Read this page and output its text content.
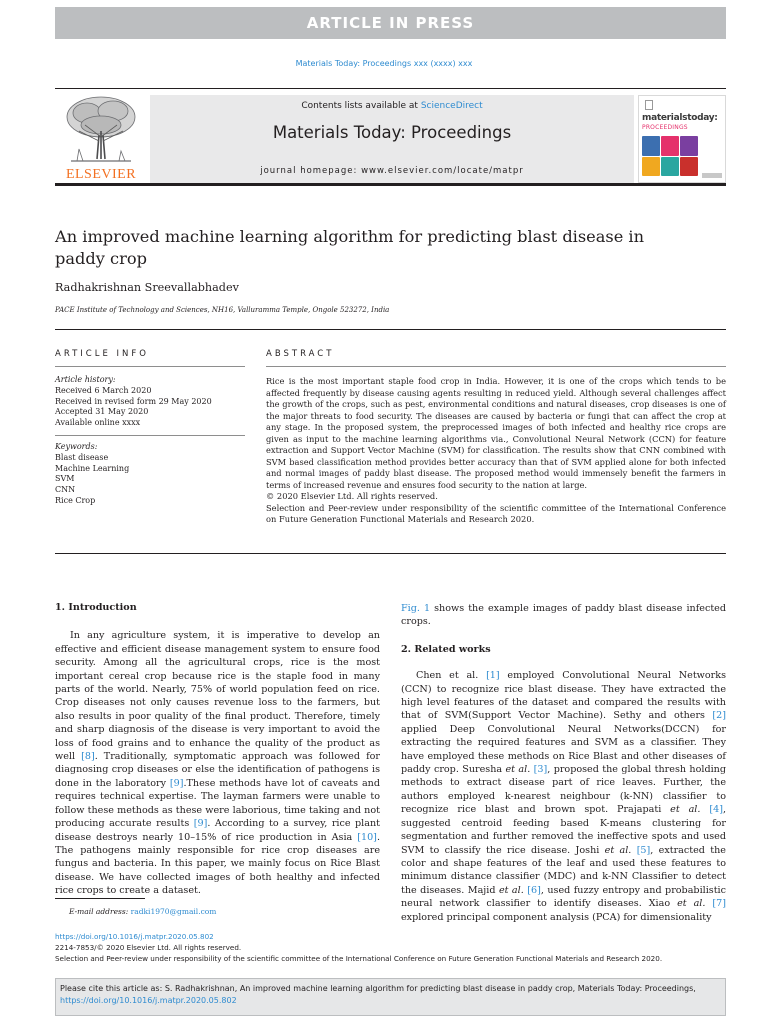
ARTICLE IN PRESS
Materials Today: Proceedings xxx (xxxx) xxx
ELSEVIER
Contents lists available at ScienceDirect
Materials Today: Proceedings
journal homepage: www.elsevier.com/locate/matpr
materialstoday:
PROCEEDINGS
An improved machine learning algorithm for predicting blast disease in paddy crop
Radhakrishnan Sreevallabhadev
PACE Institute of Technology and Sciences, NH16, Valluramma Temple, Ongole 523272, India
ARTICLE INFO
Article history:
Received 6 March 2020
Received in revised form 29 May 2020
Accepted 31 May 2020
Available online xxxx
Keywords:
Blast disease
Machine Learning
SVM
CNN
Rice Crop
ABSTRACT

Rice is the most important staple food crop in India. However, it is one of the crops which tends to be affected frequently by disease causing agents resulting in reduced yield. Although several challenges affect the growth of the crops, such as pest, environmental conditions and natural diseases, crop diseases is one of the major threats to food security. The diseases are caused by bacteria or fungi that can affect the crop at any stage. In the proposed system, the preprocessed images of both infected and healthy rice crops are given as input to the machine learning algorithms via., Convolutional Neural Network (CCN) for feature extraction and Support Vector Machine (SVM) for classification. The results show that CNN combined with SVM based classification method provides better accuracy than that of SVM applied alone for both infected and normal images of paddy blast disease. The proposed method would immensely benefit the farmers in terms of increased revenue and ensures food security to the nation at large.

© 2020 Elsevier Ltd. All rights reserved.

Selection and Peer-review under responsibility of the scientific committee of the International Conference on Future Generation Functional Materials and Research 2020.

1. Introduction

In any agriculture system, it is imperative to develop an effective and efficient disease management system to ensure food security. Among all the agricultural crops, rice is the most important cereal crop because rice is the staple food in many parts of the world. Nearly, 75% of world population feed on rice. Crop diseases not only causes revenue loss to the farmers, but also results in poor quality of the final product. Therefore, timely and sharp diagnosis of the disease is very important to avoid the loss of food grains and to enhance the quality of the product as well [8]. Traditionally, symptomatic approach was followed for diagnosing crop diseases or else the identification of pathogens is done in the laboratory [9].These methods have lot of caveats and requires technical expertise. The layman farmers were unable to follow these methods as these were laborious, time taking and not producing accurate results [9]. According to a survey, rice plant disease destroys nearly 10–15% of rice production in Asia [10]. The pathogens mainly responsible for rice crop diseases are fungus and bacteria. In this paper, we mainly focus on Rice Blast disease. We have collected images of both healthy and infected rice crops to create a dataset.

Fig. 1 shows the example images of paddy blast disease infected crops.

2. Related works

Chen et al. [1] employed Convolutional Neural Networks (CCN) to recognize rice blast disease. They have extracted the high level features of the dataset and compared the results with that of SVM(Support Vector Machine). Sethy and others [2] applied Deep Convolutional Neural Networks(DCCN) for extracting the required features and SVM as a classifier. They have employed these methods on Rice Blast and other diseases of paddy crop. Suresha et al. [3], proposed the global thresh holding methods to extract disease part of rice leaves. Further, the authors employed k-nearest neighbour (k-NN) classifier to recognize rice blast and brown spot. Prajapati et al. [4], suggested centroid feeding based K-means clustering for segmentation and further removed the ineffective spots and used SVM to classify the rice disease. Joshi et al. [5], extracted the color and shape features of the leaf and used these features to minimum distance classifier (MDC) and k-NN Classifier to detect the diseases. Majid et al. [6], used fuzzy entropy and probabilistic neural network classifier to identify diseases. Xiao et al. [7] explored principal component analysis (PCA) for dimensionality

E-mail address: radki1970@gmail.com
https://doi.org/10.1016/j.matpr.2020.05.802
2214-7853/© 2020 Elsevier Ltd. All rights reserved.
Selection and Peer-review under responsibility of the scientific committee of the International Conference on Future Generation Functional Materials and Research 2020.
Please cite this article as: S. Radhakrishnan, An improved machine learning algorithm for predicting blast disease in paddy crop, Materials Today: Proceedings, https://doi.org/10.1016/j.matpr.2020.05.802
